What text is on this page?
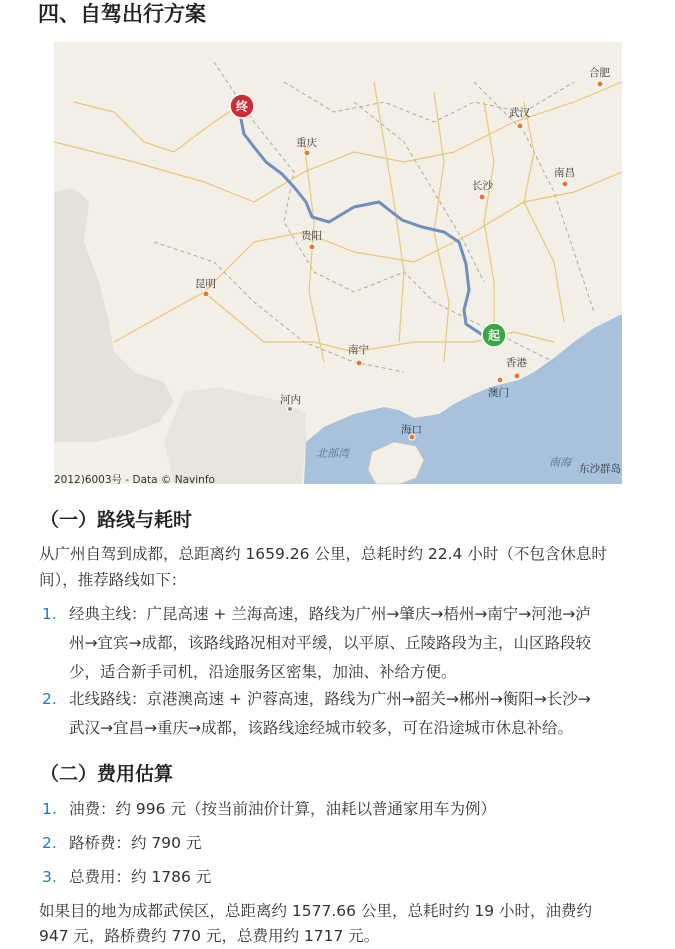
四、自驾出行方案
终
起
合肥
武汉
重庆
长沙
南昌
贵阳
昆明
南宁
香港
澳门
河内
海口
北部湾
南海 东沙群岛
2012)6003号 - Data © Navinfo
（一）路线与耗时

从广州自驾到成都，总距离约 1659.26 公里，总耗时约 22.4 小时（不包含休息时

间），推荐路线如下：

1. 经典主线：广昆高速 + 兰海高速，路线为广州→肇庆→梧州→南宁→河池→泸
州→宜宾→成都，该路线路况相对平缓，以平原、丘陵路段为主，山区路段较
少，适合新手司机，沿途服务区密集，加油、补给方便。
2. 北线路线：京港澳高速 + 沪蓉高速，路线为广州→韶关→郴州→衡阳→长沙→
武汉→宜昌→重庆→成都，该路线途经城市较多，可在沿途城市休息补给。
（二）费用估算
1. 油费：约 996 元（按当前油价计算，油耗以普通家用车为例）
2. 路桥费：约 790 元
3. 总费用：约 1786 元

如果目的地为成都武侯区，总距离约 1577.66 公里，总耗时约 19 小时，油费约

947 元，路桥费约 770 元，总费用约 1717 元。
